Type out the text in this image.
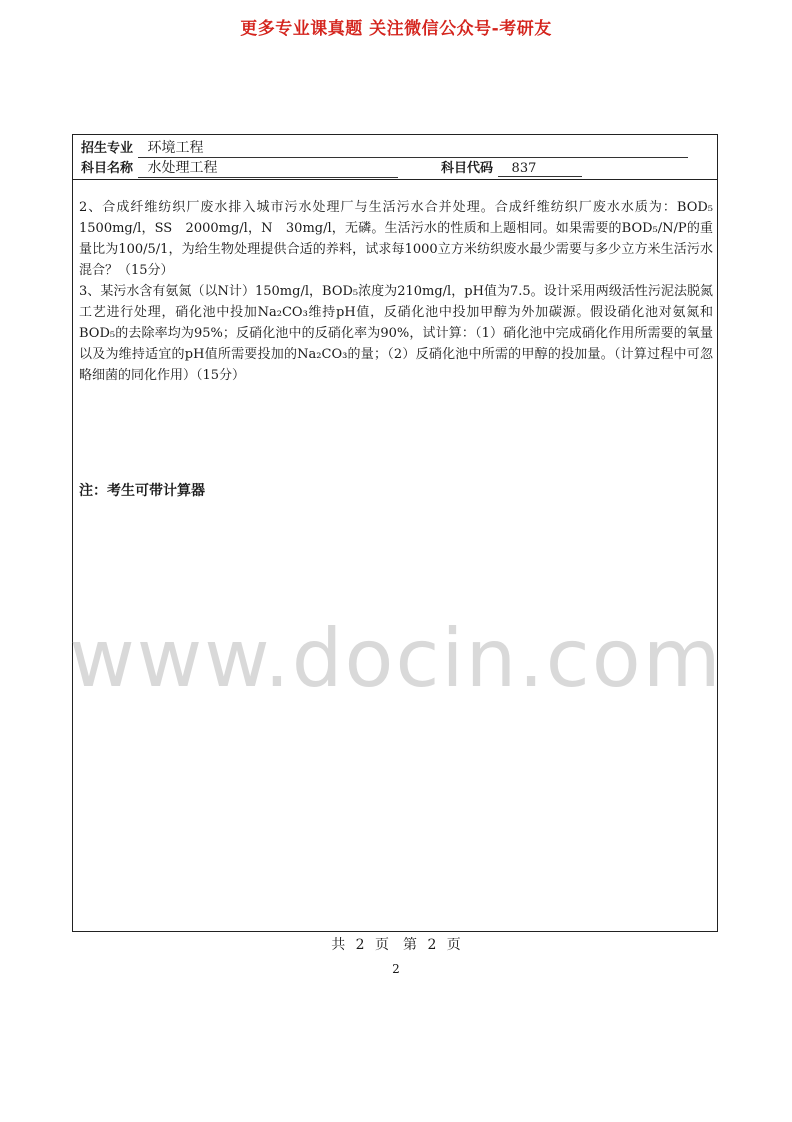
更多专业课真题 关注微信公众号-考研友
招生专业 环境工程
科目名称 水处理工程	科目代码 837

2、合成纤维纺织厂废水排入城市污水处理厂与生活污水合并处理。合成纤维纺织厂废水水质为：BOD₅ 1500mg/l，SS　2000mg/l，N　30mg/l，无磷。生活污水的性质和上题相同。如果需要的BOD₅/N/P的重量比为100/5/1，为给生物处理提供合适的养料，试求每1000立方米纺织废水最少需要与多少立方米生活污水混合？（15分）

3、某污水含有氨氮（以N计）150mg/l，BOD₅浓度为210mg/l，pH值为7.5。设计采用两级活性污泥法脱氮工艺进行处理，硝化池中投加Na₂CO₃维持pH值，反硝化池中投加甲醇为外加碳源。假设硝化池对氨氮和BOD₅的去除率均为95%；反硝化池中的反硝化率为90%，试计算：（1）硝化池中完成硝化作用所需要的氧量以及为维持适宜的pH值所需要投加的Na₂CO₃的量；（2）反硝化池中所需的甲醇的投加量。（计算过程中可忽略细菌的同化作用）（15分）

注：考生可带计算器
www.docin.com
共 2 页　第 2 页
2
